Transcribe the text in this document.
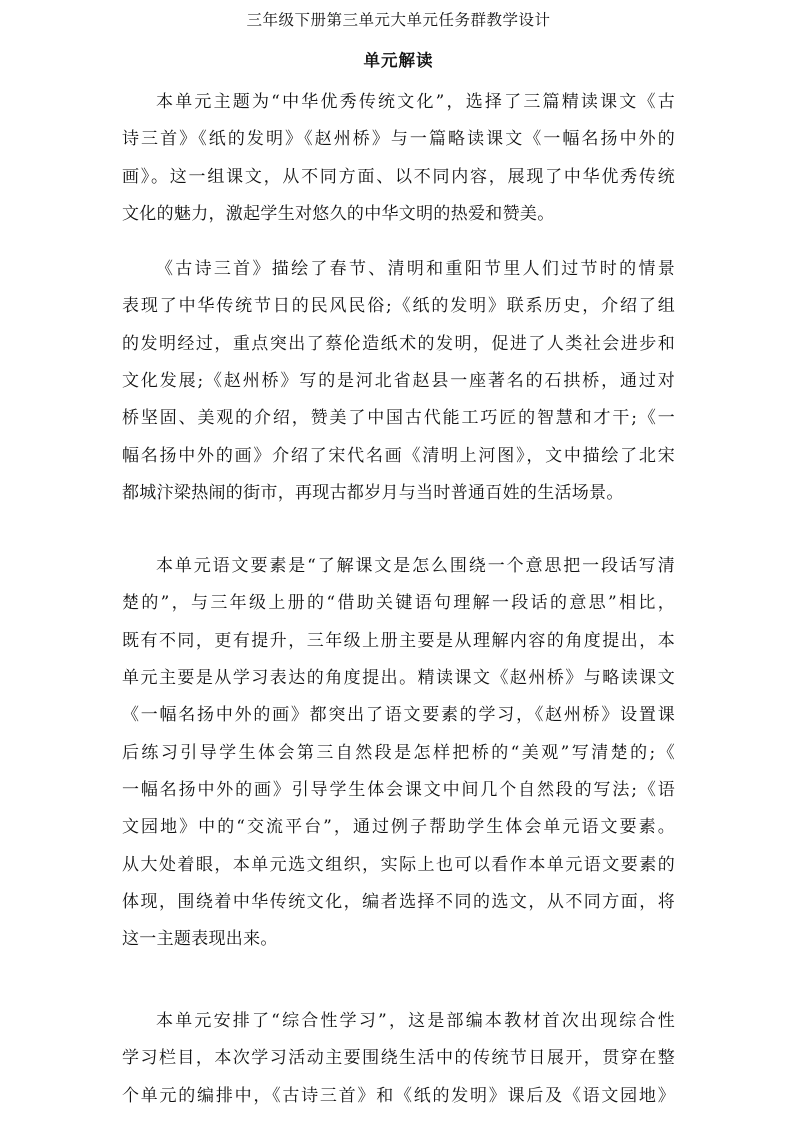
三年级下册第三单元大单元任务群教学设计
单元解读
本单元主题为“中华优秀传统文化”，选择了三篇精读课文《古
诗三首》《纸的发明》《赵州桥》与一篇略读课文《一幅名扬中外的
画》。这一组课文，从不同方面、以不同内容，展现了中华优秀传统
文化的魅力，激起学生对悠久的中华文明的热爱和赞美。
《古诗三首》描绘了春节、清明和重阳节里人们过节时的情景
表现了中华传统节日的民风民俗;《纸的发明》联系历史，介绍了组
的发明经过，重点突出了蔡伦造纸术的发明，促进了人类社会进步和
文化发展;《赵州桥》写的是河北省赵县一座著名的石拱桥，通过对
桥坚固、美观的介绍，赞美了中国古代能工巧匠的智慧和才干;《一
幅名扬中外的画》介绍了宋代名画《清明上河图》，文中描绘了北宋
都城汴梁热闹的街市，再现古都岁月与当时普通百姓的生活场景。
本单元语文要素是“了解课文是怎么围绕一个意思把一段话写清
楚的”，与三年级上册的“借助关键语句理解一段话的意思”相比，
既有不同，更有提升，三年级上册主要是从理解内容的角度提出，本
单元主要是从学习表达的角度提出。精读课文《赵州桥》与略读课文
《一幅名扬中外的画》都突出了语文要素的学习，《赵州桥》设置课
后练习引导学生体会第三自然段是怎样把桥的“美观”写清楚的;《
一幅名扬中外的画》引导学生体会课文中间几个自然段的写法;《语
文园地》中的“交流平台”，通过例子帮助学生体会单元语文要素。
从大处着眼，本单元选文组织，实际上也可以看作本单元语文要素的
体现，围绕着中华传统文化，编者选择不同的选文，从不同方面，将
这一主题表现出来。
本单元安排了“综合性学习”，这是部编本教材首次出现综合性
学习栏目，本次学习活动主要围绕生活中的传统节日展开，贯穿在整
个单元的编排中，《古诗三首》和《纸的发明》课后及《语文园地》
